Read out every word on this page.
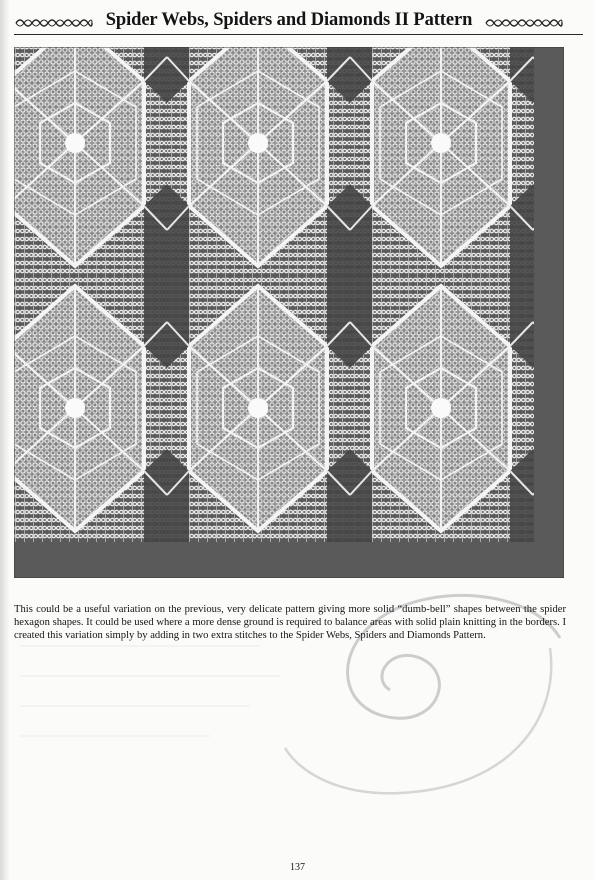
Spider Webs, Spiders and Diamonds II Pattern

This could be a useful variation on the previous, very delicate pattern giving more solid “dumb-bell” shapes between the spider hexagon shapes. It could be used where a more dense ground is required to balance areas with solid plain knitting in the borders. I created this variation simply by adding in two extra stitches to the Spider Webs, Spiders and Diamonds Pattern.

137
